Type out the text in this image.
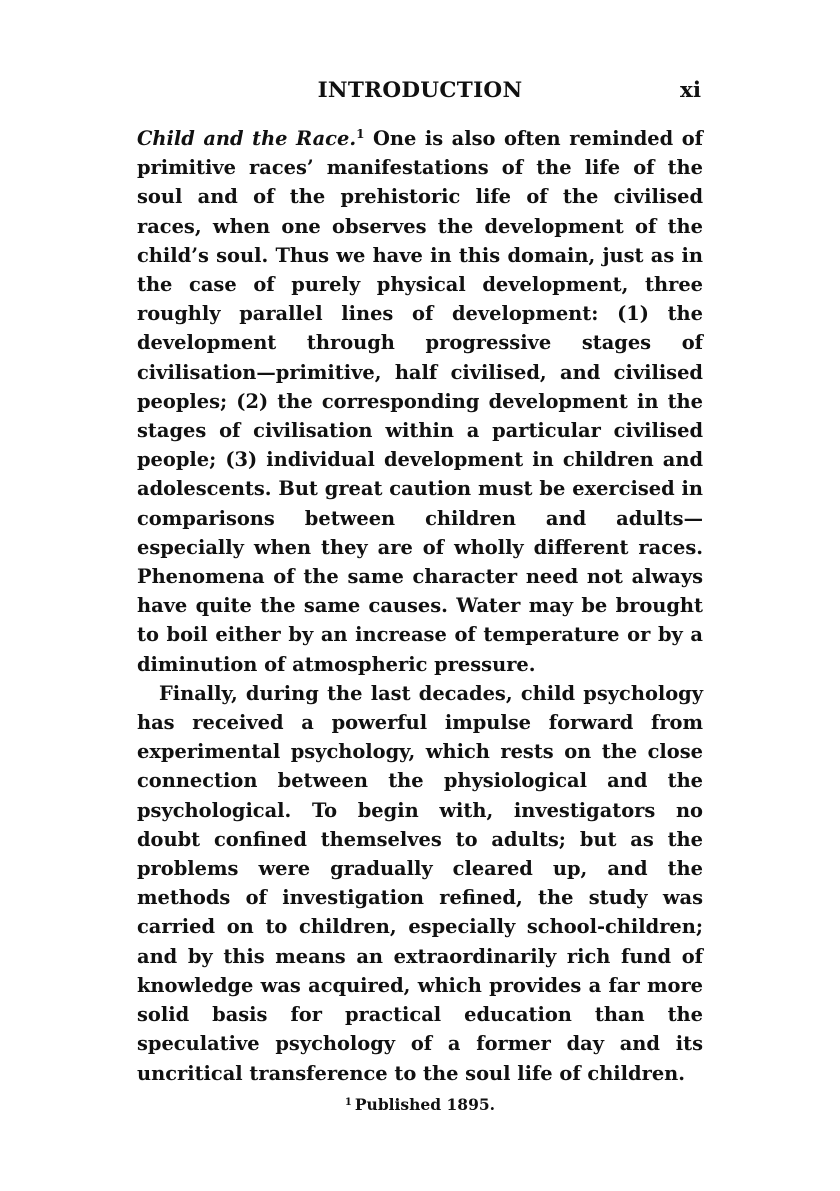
INTRODUCTION	xi

Child and the Race.$^1$ One is also often reminded of primitive races’ manifestations of the life of the soul and of the prehistoric life of the civilised races, when one observes the development of the child’s soul. Thus we have in this domain, just as in the case of purely physical development, three roughly parallel lines of development: (1) the development through progressive stages of civilisation—primitive, half civilised, and civilised peoples; (2) the corresponding development in the stages of civilisation within a particular civilised people; (3) individual development in children and adolescents. But great caution must be exercised in comparisons between children and adults—especially when they are of wholly different races. Phenomena of the same character need not always have quite the same causes. Water may be brought to boil either by an increase of temperature or by a diminution of atmospheric pressure.

Finally, during the last decades, child psychology has received a powerful impulse forward from experimental psychology, which rests on the close connection between the physiological and the psychological. To begin with, investigators no doubt confined themselves to adults; but as the problems were gradually cleared up, and the methods of investigation refined, the study was carried on to children, especially school-children; and by this means an extraordinarily rich fund of knowledge was acquired, which provides a far more solid basis for practical education than the speculative psychology of a former day and its uncritical transference to the soul life of children.

$^1$ Published 1895.
